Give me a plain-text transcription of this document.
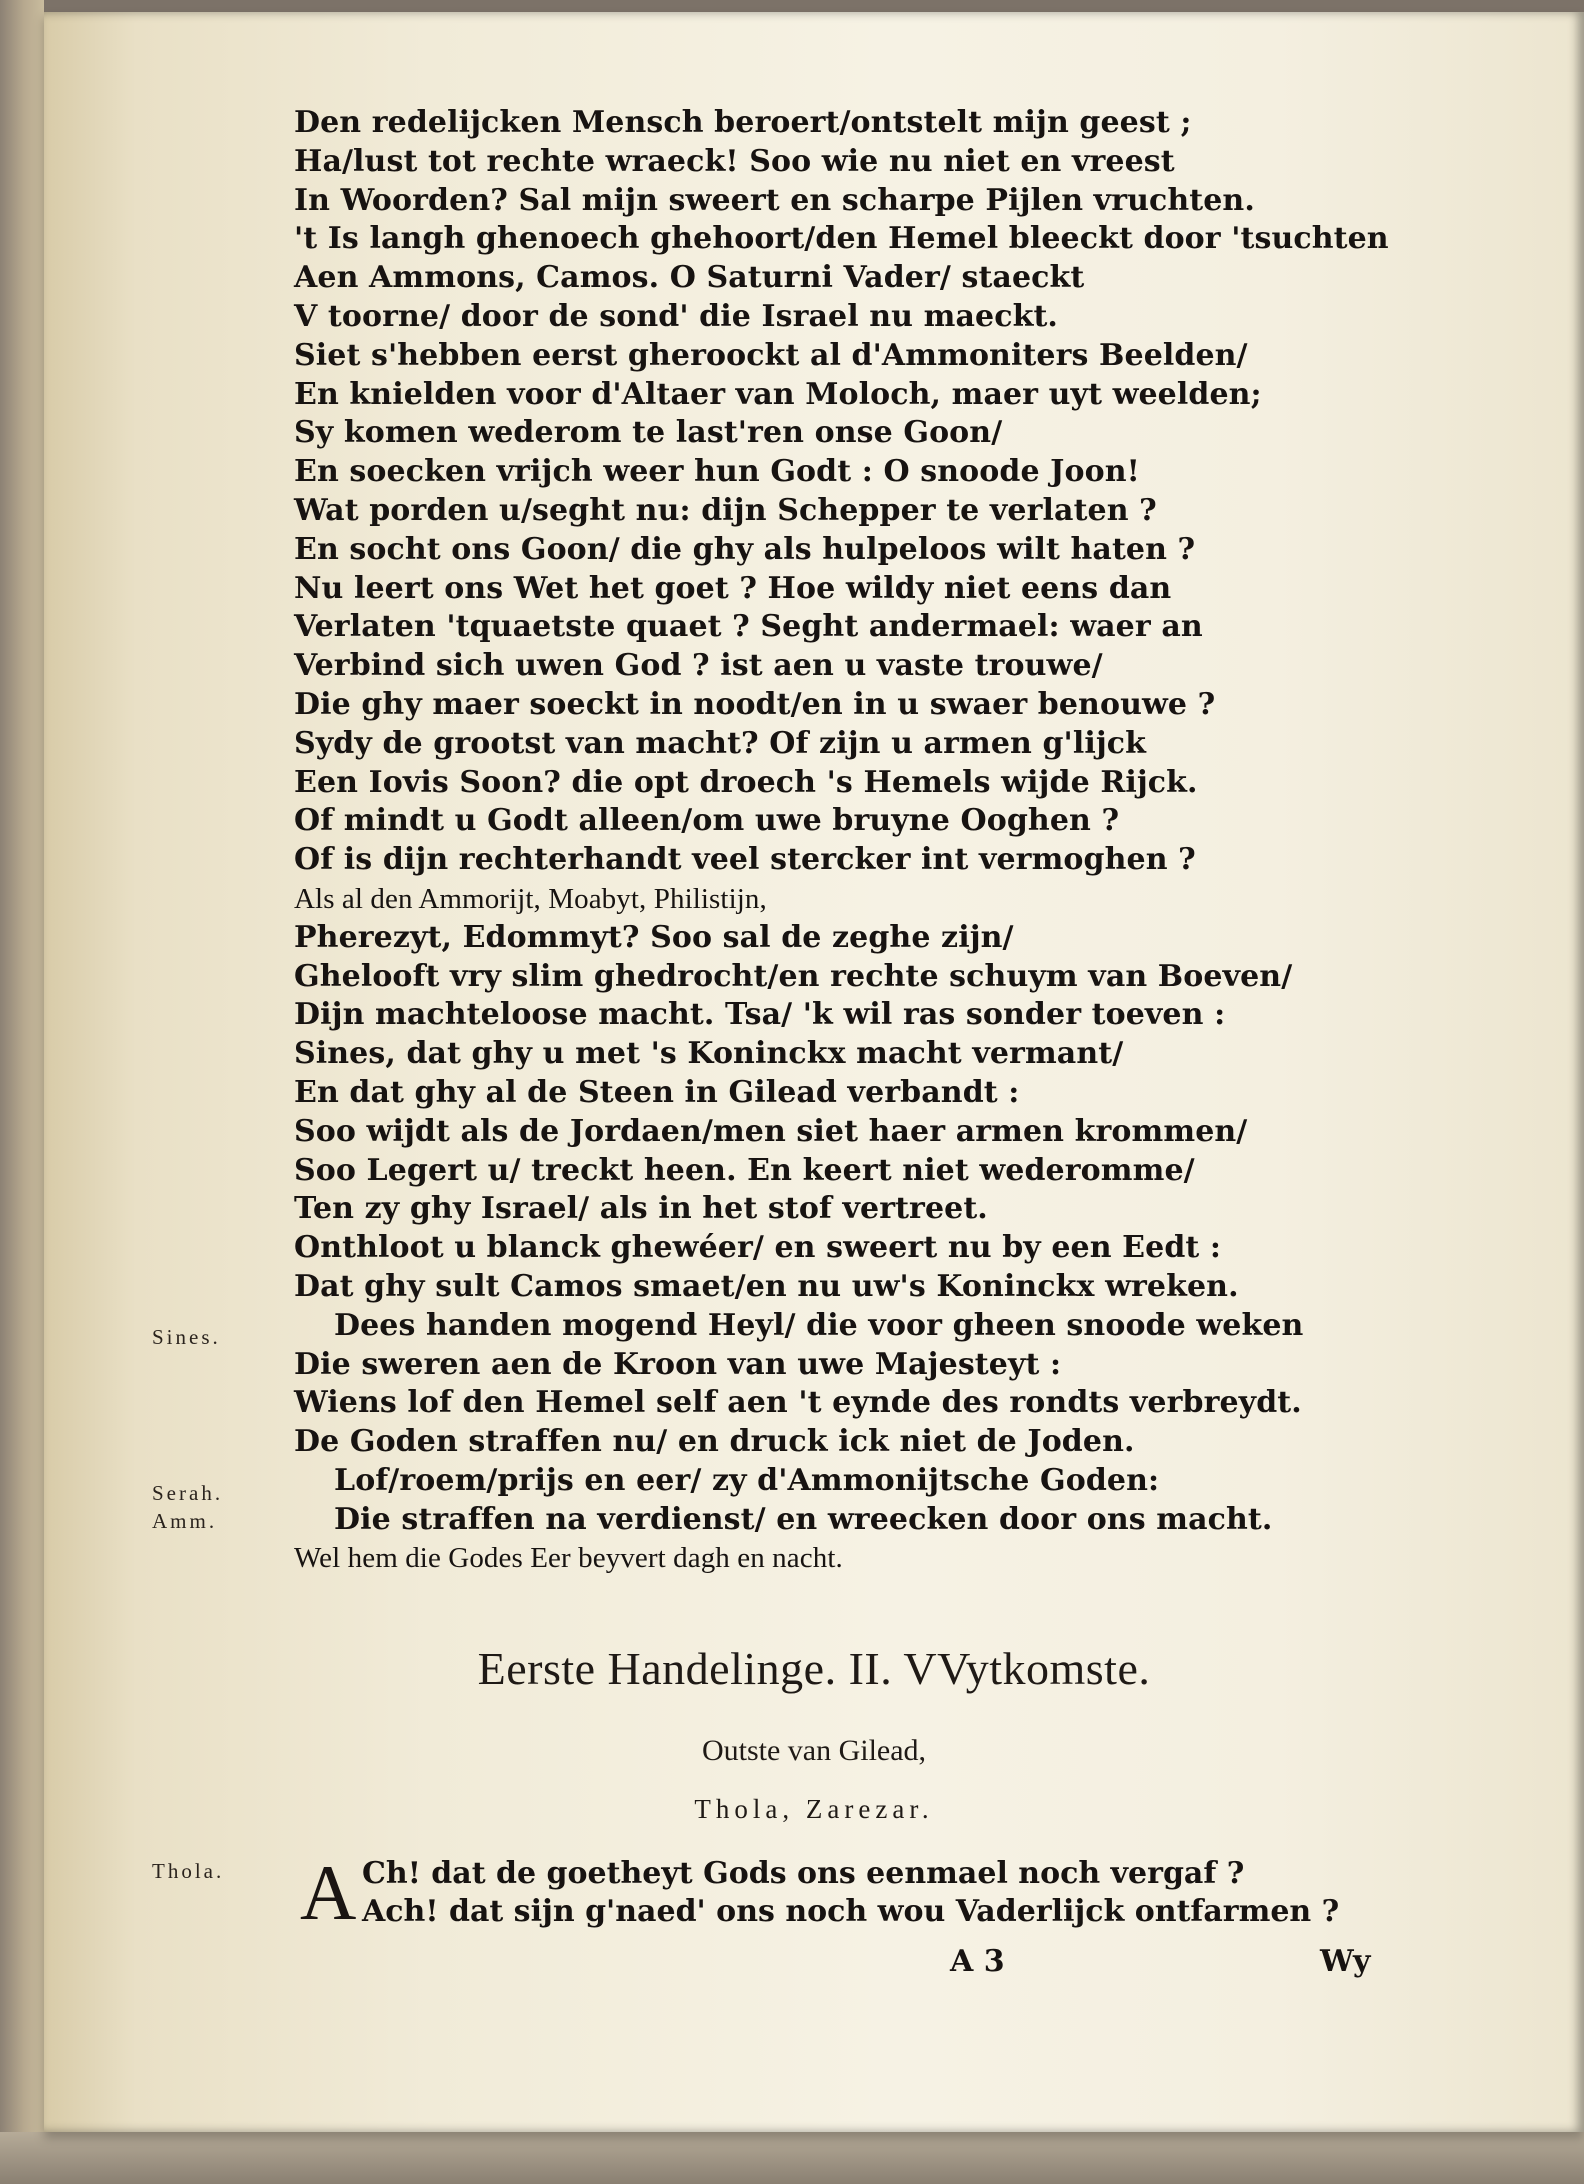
Den redelijcken Mensch beroert/ontstelt mijn geest ;
Ha/lust tot rechte wraeck! Soo wie nu niet en vreest
In Woorden? Sal mijn sweert en scharpe Pijlen vruchten.
't Is langh ghenoech ghehoort/den Hemel bleeckt door 'tsuchten
Aen Ammons, Camos. O Saturni Vader/ staeckt
V toorne/ door de sond' die Israel nu maeckt.
Siet s'hebben eerst gheroockt al d'Ammoniters Beelden/
En knielden voor d'Altaer van Moloch, maer uyt weelden;
Sy komen wederom te last'ren onse Goon/
En soecken vrijch weer hun Godt : O snoode Joon!
Wat porden u/seght nu: dijn Schepper te verlaten ?
En socht ons Goon/ die ghy als hulpeloos wilt haten ?
Nu leert ons Wet het goet ? Hoe wildy niet eens dan
Verlaten 'tquaetste quaet ? Seght andermael: waer an
Verbind sich uwen God ? ist aen u vaste trouwe/
Die ghy maer soeckt in noodt/en in u swaer benouwe ?
Sydy de grootst van macht? Of zijn u armen g'lijck
Een Iovis Soon? die opt droech 's Hemels wijde Rijck.
Of mindt u Godt alleen/om uwe bruyne Ooghen ?
Of is dijn rechterhandt veel stercker int vermoghen ?
Als al den Ammorijt, Moabyt, Philistijn,
Pherezyt, Edommyt? Soo sal de zeghe zijn/
Ghelooft vry slim ghedrocht/en rechte schuym van Boeven/
Dijn machteloose macht. Tsa/ 'k wil ras sonder toeven :
Sines, dat ghy u met 's Koninckx macht vermant/
En dat ghy al de Steen in Gilead verbandt :
Soo wijdt als de Jordaen/men siet haer armen krommen/
Soo Legert u/ treckt heen. En keert niet wederomme/
Ten zy ghy Israel/ als in het stof vertreet.
Onthloot u blanck ghewéer/ en sweert nu by een Eedt :
Dat ghy sult Camos smaet/en nu uw's Koninckx wreken.
Dees handen mogend Heyl/ die voor gheen snoode weken
Die sweren aen de Kroon van uwe Majesteyt :
Wiens lof den Hemel self aen 't eynde des rondts verbreydt.
De Goden straffen nu/ en druck ick niet de Joden.
Lof/roem/prijs en eer/ zy d'Ammonijtsche Goden:
Die straffen na verdienst/ en wreecken door ons macht.
Wel hem die Godes Eer beyvert dagh en nacht.
Sines.
Serah.
Amm.
Eerste Handelinge. II. VVytkomste.
Outste van Gilead,
Thola, Zarezar.
Thola. A Ch! dat de goetheyt Gods ons eenmael noch vergaf ?
Ach! dat sijn g'naed' ons noch wou Vaderlijck ontfarmen ?
A 3	Wy
